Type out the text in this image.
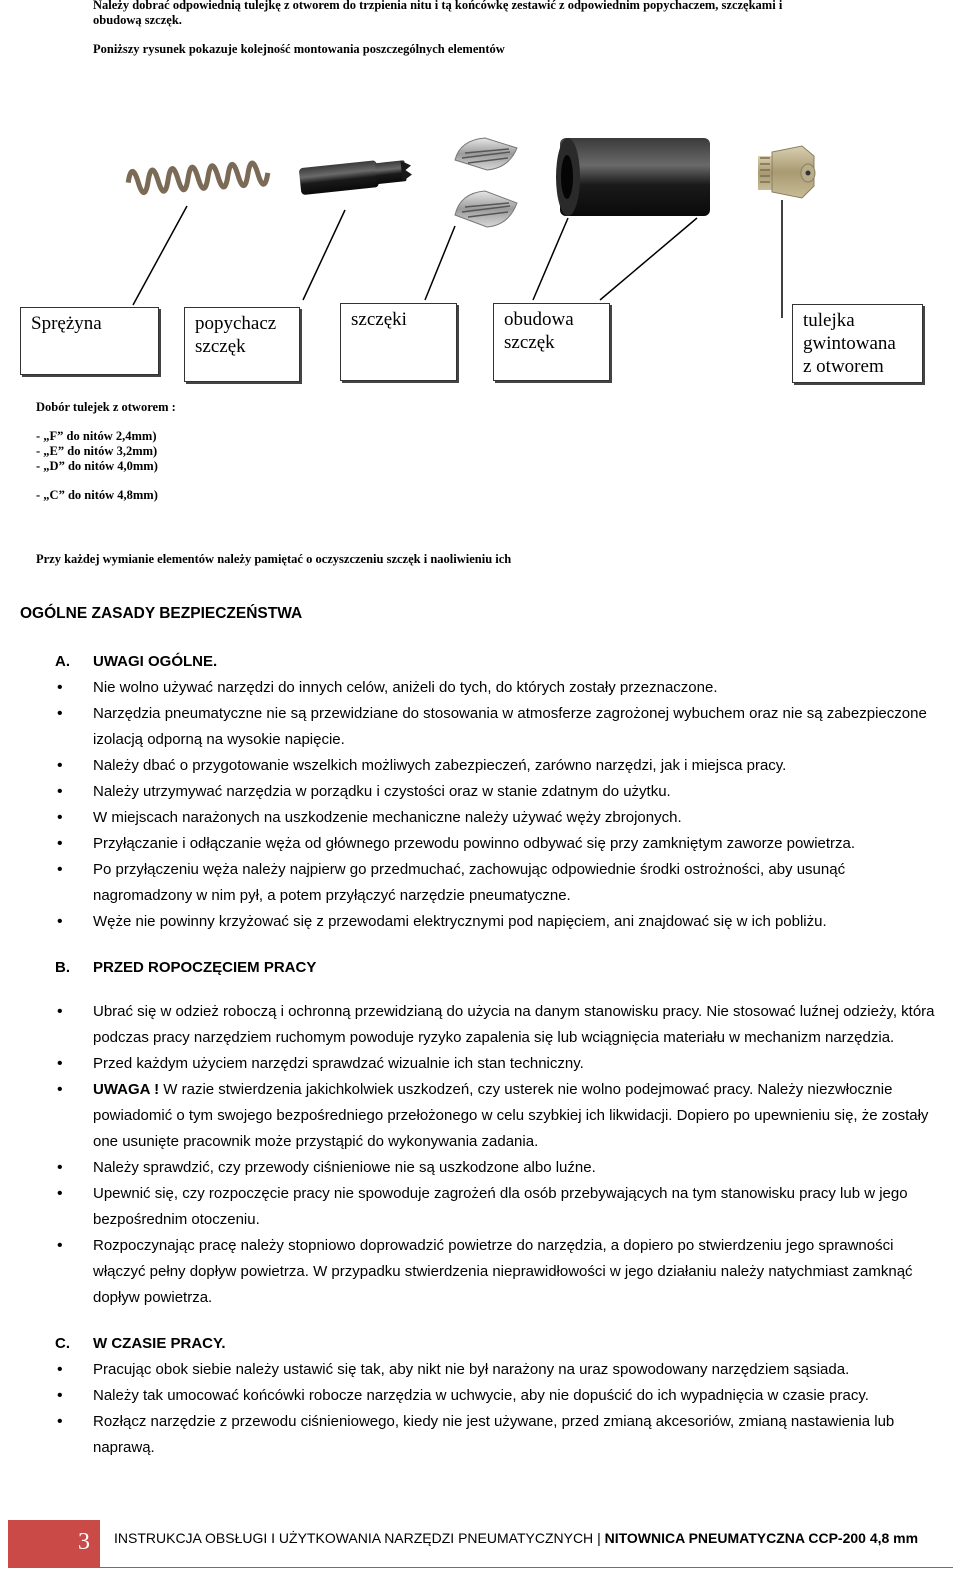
Należy dobrać odpowiednią tulejkę z otworem do trzpienia nitu i tą końcówkę zestawić z odpowiednim popychaczem, szczękami i obudową szczęk.
Poniższy rysunek pokazuje kolejność montowania poszczególnych elementów
Sprężyna	popychacz
szczęk
szczęki	obudowa
szczęk
tulejka
gwintowana
z otworem
Dobór tulejek z otworem :
- „F” do nitów 2,4mm)
- „E” do nitów 3,2mm)
- „D” do nitów 4,0mm)
- „C” do nitów 4,8mm)
Przy każdej wymianie elementów należy pamiętać o oczyszczeniu szczęk i naoliwieniu ich
OGÓLNE ZASADY BEZPIECZEŃSTWA
A. UWAGI OGÓLNE.
• Nie wolno używać narzędzi do innych celów, aniżeli do tych, do których zostały przeznaczone.
• Narzędzia pneumatyczne nie są przewidziane do stosowania w atmosferze zagrożonej wybuchem oraz nie są zabezpieczone izolacją odporną na wysokie napięcie.
• Należy dbać o przygotowanie wszelkich możliwych zabezpieczeń, zarówno narzędzi, jak i miejsca pracy.
• Należy utrzymywać narzędzia w porządku i czystości oraz w stanie zdatnym do użytku.
• W miejscach narażonych na uszkodzenie mechaniczne należy używać węży zbrojonych.
• Przyłączanie i odłączanie węża od głównego przewodu powinno odbywać się przy zamkniętym zaworze powietrza.
• Po przyłączeniu węża należy najpierw go przedmuchać, zachowując odpowiednie środki ostrożności, aby usunąć nagromadzony w nim pył, a potem przyłączyć narzędzie pneumatyczne.
• Węże nie powinny krzyżować się z przewodami elektrycznymi pod napięciem, ani znajdować się w ich pobliżu.
B. PRZED ROPOCZĘCIEM PRACY
• Ubrać się w odzież roboczą i ochronną przewidzianą do użycia na danym stanowisku pracy. Nie stosować luźnej odzieży, która podczas pracy narzędziem ruchomym powoduje ryzyko zapalenia się lub wciągnięcia materiału w mechanizm narzędzia.
• Przed każdym użyciem narzędzi sprawdzać wizualnie ich stan techniczny.
• UWAGA ! W razie stwierdzenia jakichkolwiek uszkodzeń, czy usterek nie wolno podejmować pracy. Należy niezwłocznie powiadomić o tym swojego bezpośredniego przełożonego w celu szybkiej ich likwidacji. Dopiero po upewnieniu się, że zostały one usunięte pracownik może przystąpić do wykonywania zadania.
• Należy sprawdzić, czy przewody ciśnieniowe nie są uszkodzone albo luźne.
• Upewnić się, czy rozpoczęcie pracy nie spowoduje zagrożeń dla osób przebywających na tym stanowisku pracy lub w jego bezpośrednim otoczeniu.
• Rozpoczynając pracę należy stopniowo doprowadzić powietrze do narzędzia, a dopiero po stwierdzeniu jego sprawności włączyć pełny dopływ powietrza. W przypadku stwierdzenia nieprawidłowości w jego działaniu należy natychmiast zamknąć dopływ powietrza.
C. W CZASIE PRACY.
• Pracując obok siebie należy ustawić się tak, aby nikt nie był narażony na uraz spowodowany narzędziem sąsiada.
• Należy tak umocować końcówki robocze narzędzia w uchwycie, aby nie dopuścić do ich wypadnięcia w czasie pracy.
• Rozłącz narzędzie z przewodu ciśnieniowego, kiedy nie jest używane, przed zmianą akcesoriów, zmianą nastawienia lub naprawą.
3 INSTRUKCJA OBSŁUGI I UŻYTKOWANIA NARZĘDZI PNEUMATYCZNYCH | NITOWNICA PNEUMATYCZNA CCP-200 4,8 mm
